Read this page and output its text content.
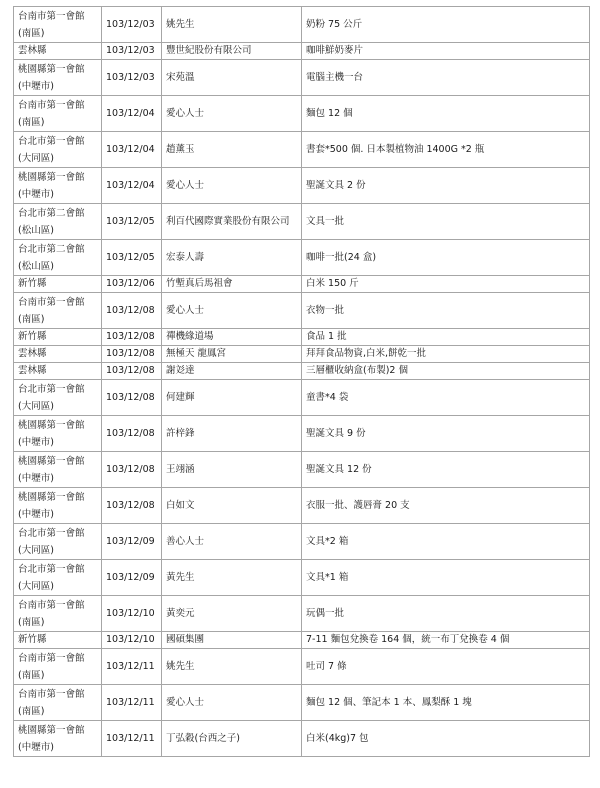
台南市第一會館
(南區)	103/12/03	姚先生	奶粉 75 公斤

雲林縣	103/12/03	豐世紀股份有限公司	咖啡鮮奶麥片

桃園縣第一會館
(中壢市)	103/12/03	宋苑溫	電腦主機一台

台南市第一會館
(南區)	103/12/04	愛心人士	麵包 12 個

台北市第一會館
(大同區)	103/12/04	趙薰玉	書套*500 個. 日本製植物油 1400G *2 瓶

桃園縣第一會館
(中壢市)	103/12/04	愛心人士	聖誕文具 2 份

台北市第二會館
(松山區)	103/12/05	利百代國際實業股份有限公司	文具一批

台北市第二會館
(松山區)	103/12/05	宏泰人壽	咖啡一批(24 盒)

新竹縣	103/12/06	竹塹真后馬祖會	白米 150 斤

台南市第一會館
(南區)	103/12/08	愛心人士	衣物一批

新竹縣	103/12/08	禪機緣道場	食品 1 批

雲林縣	103/12/08	無極天 龍鳳宮	拜拜食品物資,白米,餅乾一批

雲林縣	103/12/08	謝彣達	三層櫃收納盒(布製)2 個

台北市第一會館
(大同區)	103/12/08	何建輝	童書*4 袋

桃園縣第一會館
(中壢市)	103/12/08	許梓鋒	聖誕文具 9 份

桃園縣第一會館
(中壢市)	103/12/08	王翊涵	聖誕文具 12 份

桃園縣第一會館
(中壢市)	103/12/08	白如文	衣服一批、護唇膏 20 支

台北市第一會館
(大同區)	103/12/09	善心人士	文具*2 箱

台北市第一會館
(大同區)	103/12/09	黃先生	文具*1 箱

台南市第一會館
(南區)	103/12/10	黃奕元	玩偶一批

新竹縣	103/12/10	國碩集團	7-11 麵包兌換卷 164 個，統一布丁兌換卷 4 個

台南市第一會館
(南區)	103/12/11	姚先生	吐司 7 條

台南市第一會館
(南區)	103/12/11	愛心人士	麵包 12 個、筆記本 1 本、鳳梨酥 1 塊

桃園縣第一會館
(中壢市)	103/12/11	丁弘穀(台西之子)	白米(4kg)7 包
